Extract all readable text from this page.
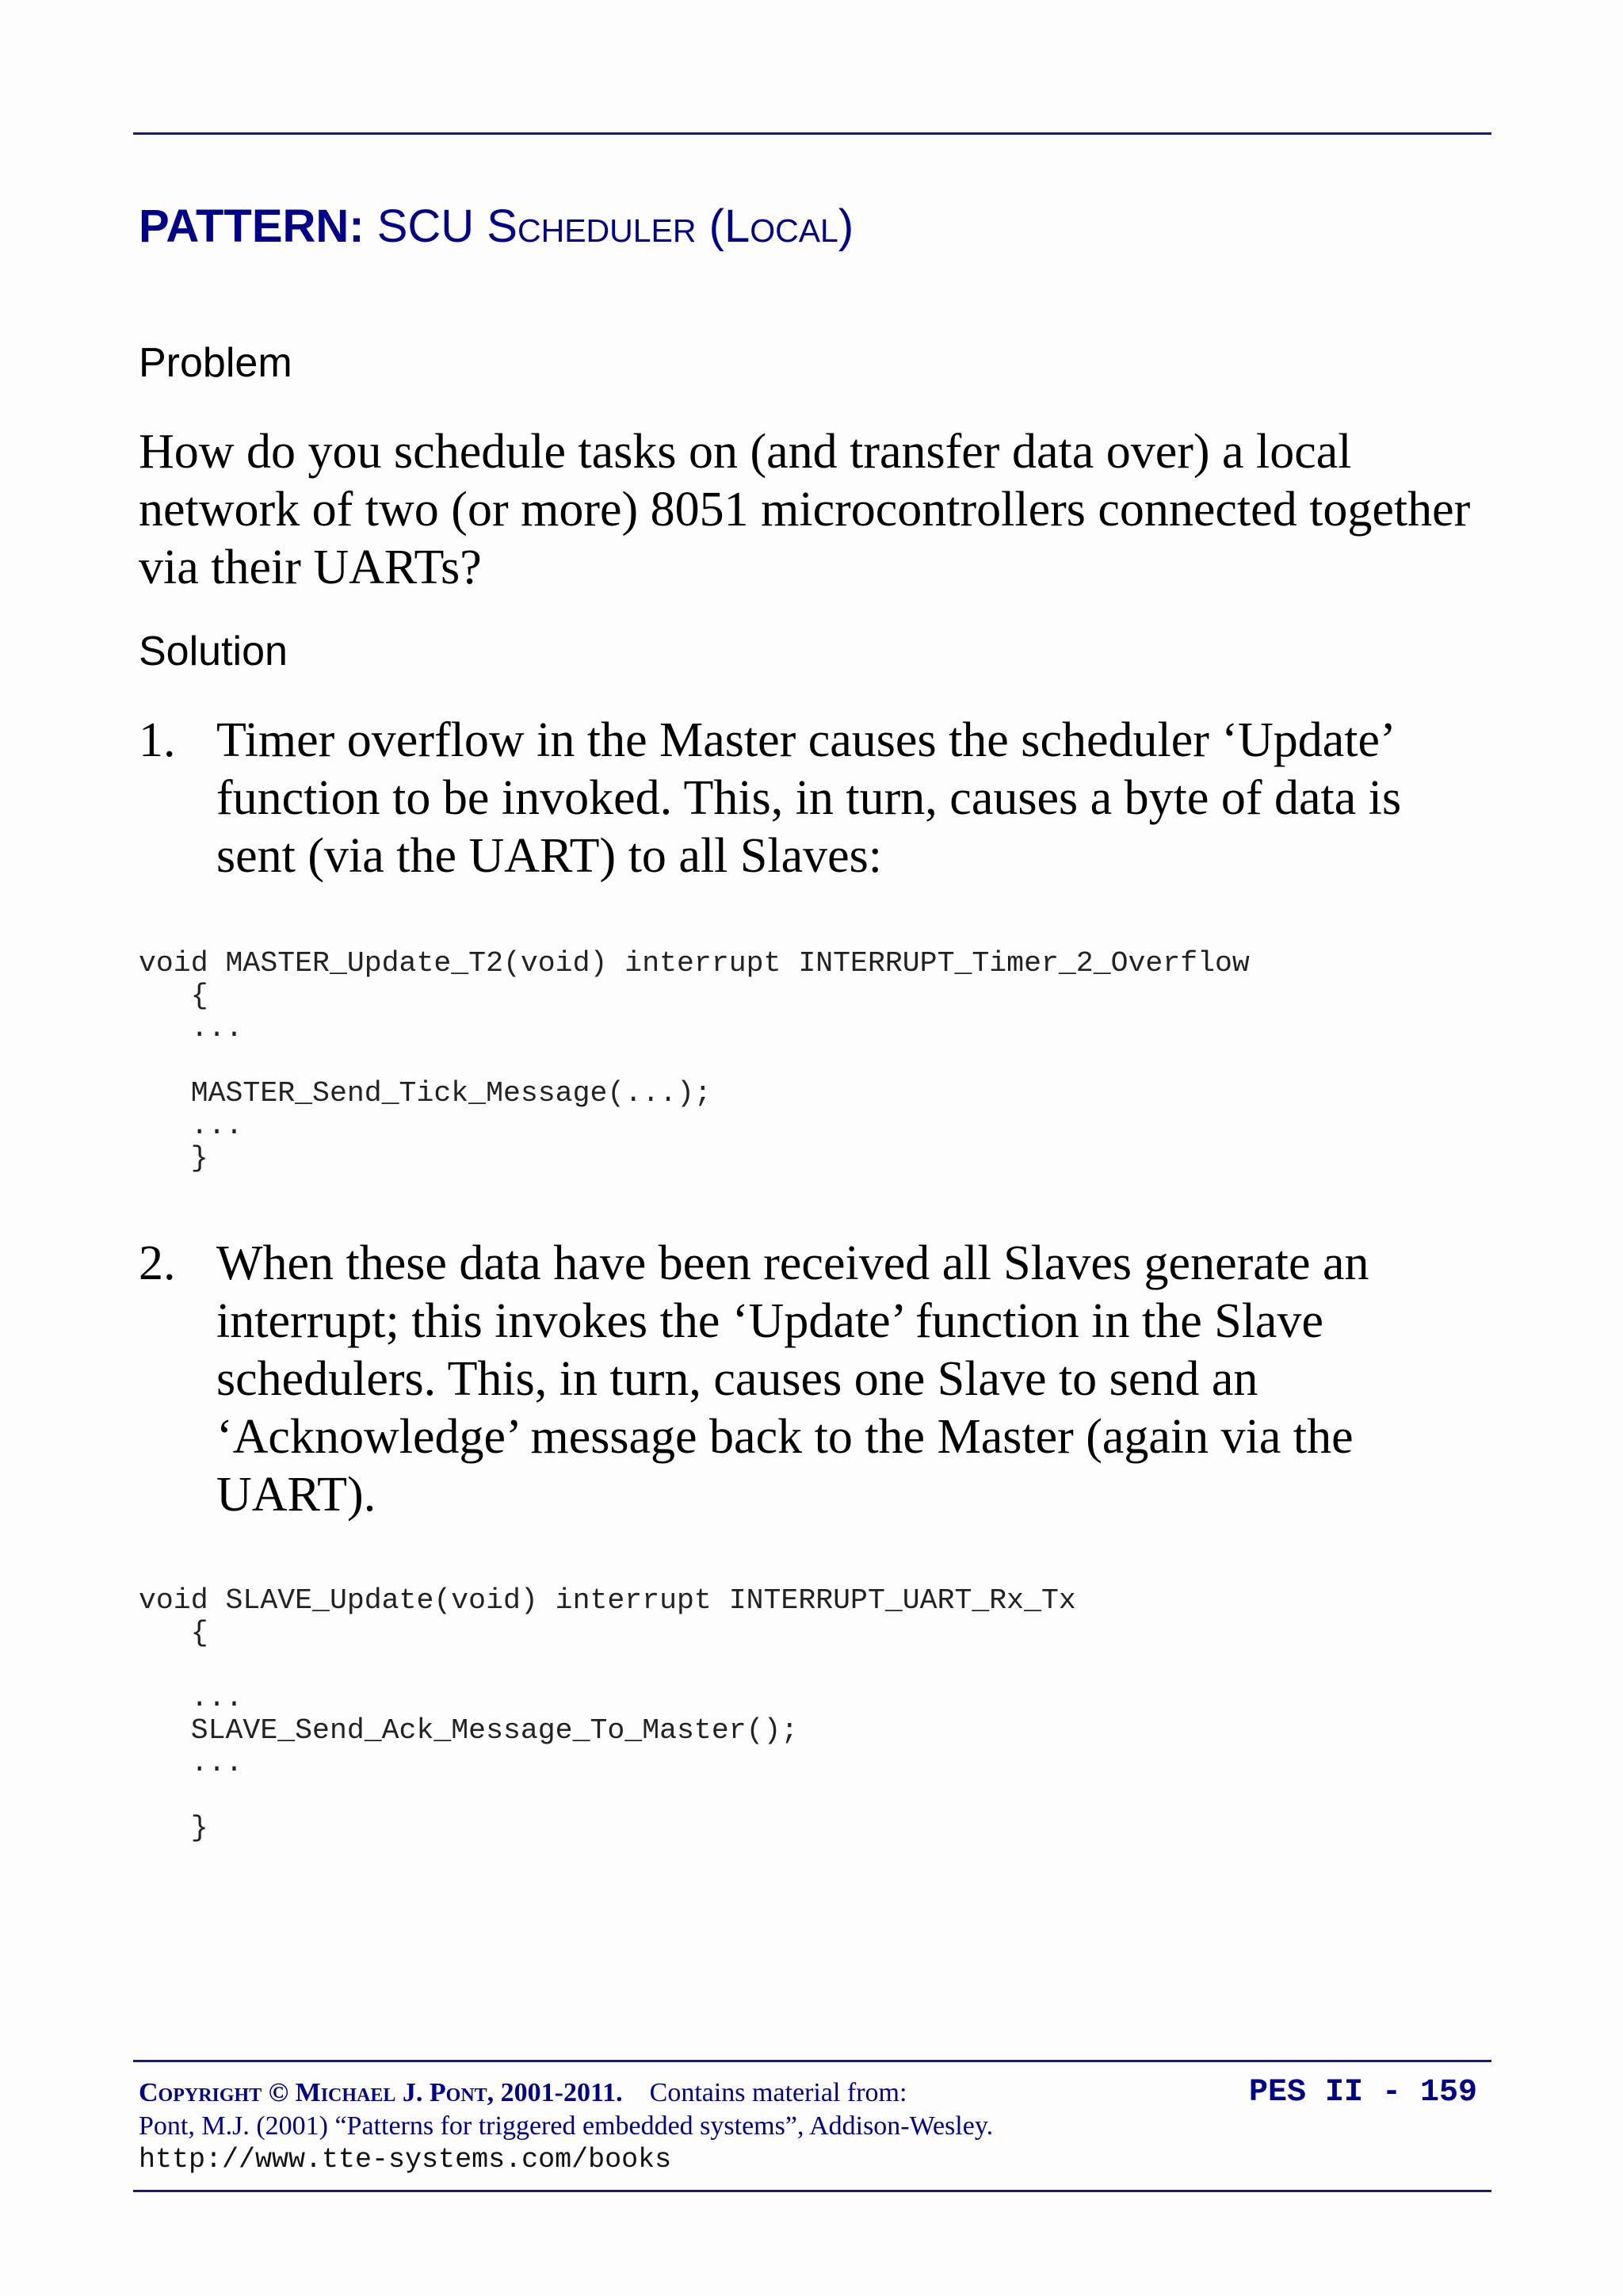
PATTERN: SCU Scheduler (Local)
Problem

How do you schedule tasks on (and transfer data over) a local network of two (or more) 8051 microcontrollers connected together via their UARTs?

Solution
1. Timer overflow in the Master causes the scheduler ‘Update’ function to be invoked. This, in turn, causes a byte of data is sent (via the UART) to all Slaves:
void MASTER_Update_T2(void) interrupt INTERRUPT_Timer_2_Overflow
{
...

MASTER_Send_Tick_Message(...);
...
}
2. When these data have been received all Slaves generate an interrupt; this invokes the ‘Update’ function in the Slave schedulers. This, in turn, causes one Slave to send an ‘Acknowledge’ message back to the Master (again via the UART).
void SLAVE_Update(void) interrupt INTERRUPT_UART_Rx_Tx
{

...
SLAVE_Send_Ack_Message_To_Master();
...

}
Copyright © Michael J. Pont, 2001-2011. Contains material from:
Pont, M.J. (2001) “Patterns for triggered embedded systems”, Addison-Wesley.
http://www.tte-systems.com/books

PES II - 159
